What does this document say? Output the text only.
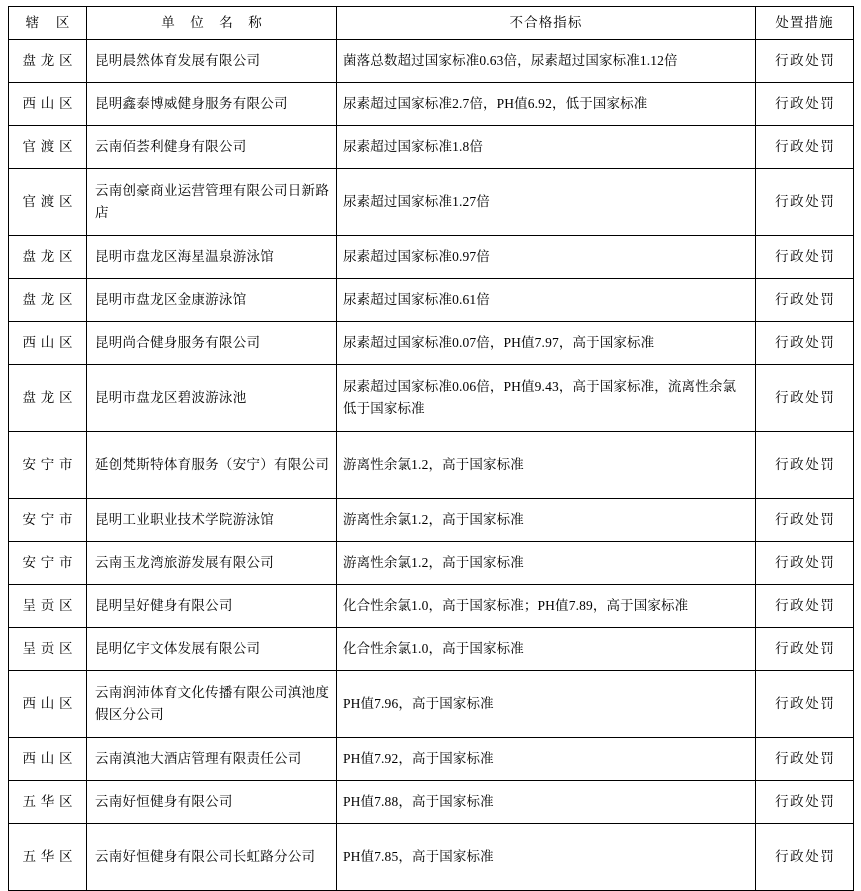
辖 区	单 位 名 称	不合格指标	处置措施
盘龙区	昆明晨然体育发展有限公司	菌落总数超过国家标准0.63倍，尿素超过国家标准1.12倍	行政处罚
西山区	昆明鑫泰博威健身服务有限公司	尿素超过国家标准2.7倍，PH值6.92，低于国家标准	行政处罚
官渡区	云南佰荟利健身有限公司	尿素超过国家标准1.8倍	行政处罚
官渡区	云南创豪商业运营管理有限公司日新路店	尿素超过国家标准1.27倍	行政处罚
盘龙区	昆明市盘龙区海星温泉游泳馆	尿素超过国家标准0.97倍	行政处罚
盘龙区	昆明市盘龙区金康游泳馆	尿素超过国家标准0.61倍	行政处罚
西山区	昆明尚合健身服务有限公司	尿素超过国家标准0.07倍，PH值7.97，高于国家标准	行政处罚
盘龙区	昆明市盘龙区碧波游泳池	尿素超过国家标准0.06倍，PH值9.43，高于国家标准，流离性余氯低于国家标准	行政处罚
安宁市	延创梵斯特体育服务（安宁）有限公司	游离性余氯1.2，高于国家标准	行政处罚
安宁市	昆明工业职业技术学院游泳馆	游离性余氯1.2，高于国家标准	行政处罚
安宁市	云南玉龙湾旅游发展有限公司	游离性余氯1.2，高于国家标准	行政处罚
呈贡区	昆明呈好健身有限公司	化合性余氯1.0，高于国家标准；PH值7.89，高于国家标准	行政处罚
呈贡区	昆明亿宇文体发展有限公司	化合性余氯1.0，高于国家标准	行政处罚
西山区	云南润沛体育文化传播有限公司滇池度假区分公司	PH值7.96，高于国家标准	行政处罚
西山区	云南滇池大酒店管理有限责任公司	PH值7.92，高于国家标准	行政处罚
五华区	云南好恒健身有限公司	PH值7.88，高于国家标准	行政处罚
五华区	云南好恒健身有限公司长虹路分公司	PH值7.85，高于国家标准	行政处罚
